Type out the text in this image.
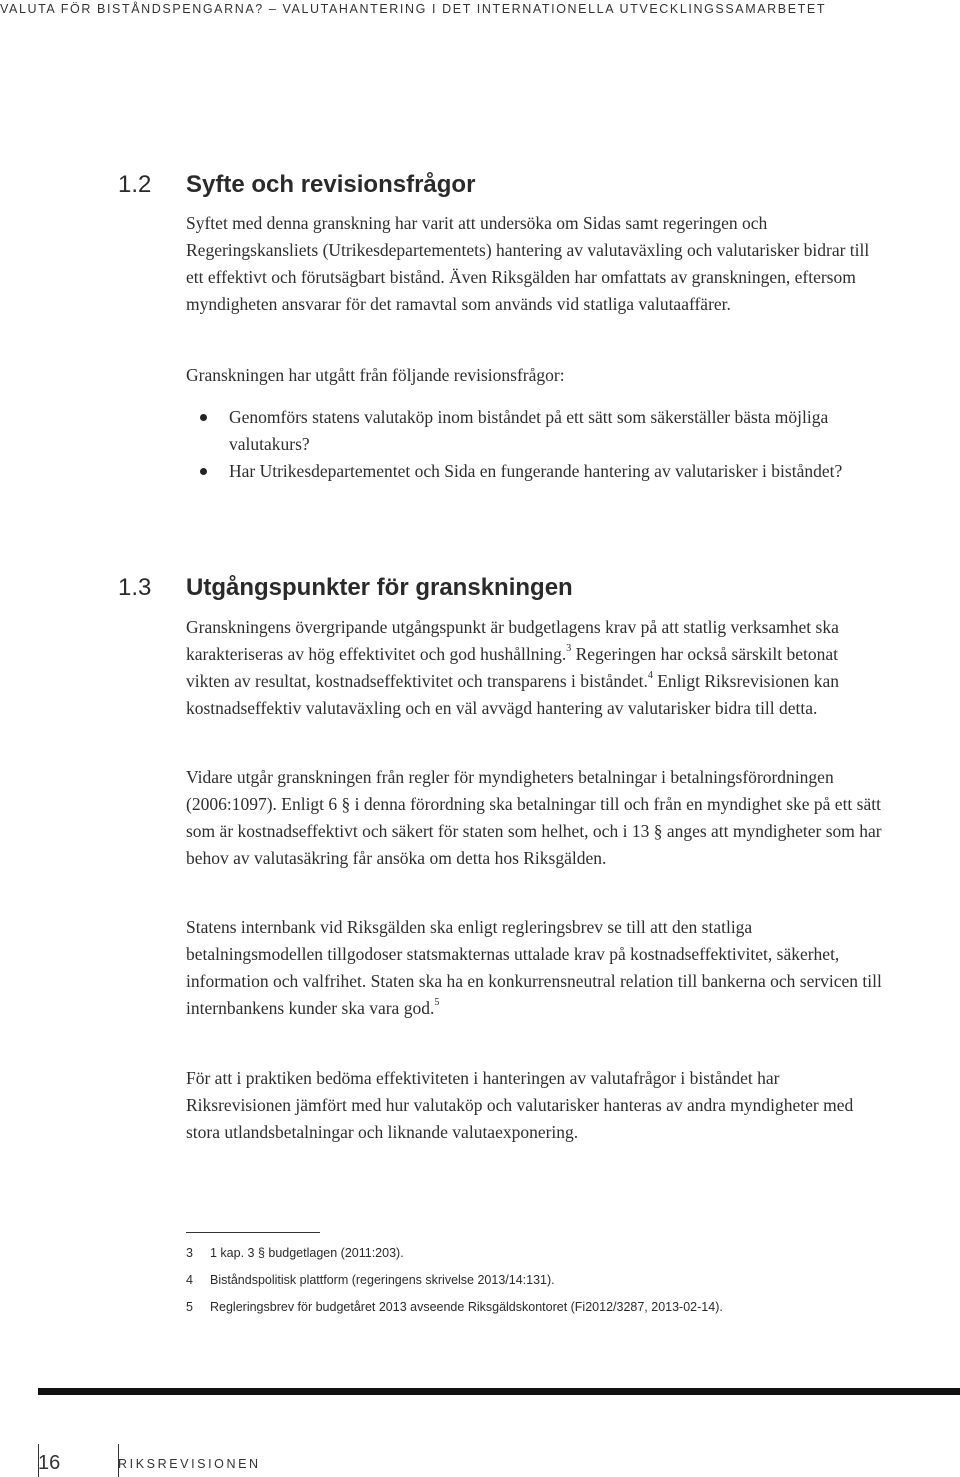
VALUTA FÖR BISTÅNDSPENGARNA? – VALUTAHANTERING I DET INTERNATIONELLA UTVECKLINGSSAMARBETET
1.2 Syfte och revisionsfrågor

Syftet med denna granskning har varit att undersöka om Sidas samt regeringen och Regeringskansliets (Utrikesdepartementets) hantering av valutaväxling och valutarisker bidrar till ett effektivt och förutsägbart bistånd. Även Riksgälden har omfattats av granskningen, eftersom myndigheten ansvarar för det ramavtal som används vid statliga valutaaffärer.

Granskningen har utgått från följande revisionsfrågor:

Genomförs statens valutaköp inom biståndet på ett sätt som säkerställer bästa möjliga valutakurs?
Har Utrikesdepartementet och Sida en fungerande hantering av valutarisker i biståndet?
1.3 Utgångspunkter för granskningen

Granskningens övergripande utgångspunkt är budgetlagens krav på att statlig verksamhet ska karakteriseras av hög effektivitet och god hushållning.$^3$ Regeringen har också särskilt betonat vikten av resultat, kostnadseffektivitet och transparens i biståndet.$^4$ Enligt Riksrevisionen kan kostnadseffektiv valutaväxling och en väl avvägd hantering av valutarisker bidra till detta.

Vidare utgår granskningen från regler för myndigheters betalningar i betalningsförordningen (2006:1097). Enligt 6 § i denna förordning ska betalningar till och från en myndighet ske på ett sätt som är kostnadseffektivt och säkert för staten som helhet, och i 13 § anges att myndigheter som har behov av valutasäkring får ansöka om detta hos Riksgälden.

Statens internbank vid Riksgälden ska enligt regleringsbrev se till att den statliga betalningsmodellen tillgodoser statsmakternas uttalade krav på kostnadseffektivitet, säkerhet, information och valfrihet. Staten ska ha en konkurrensneutral relation till bankerna och servicen till internbankens kunder ska vara god.$^5$

För att i praktiken bedöma effektiviteten i hanteringen av valutafrågor i biståndet har Riksrevisionen jämfört med hur valutaköp och valutarisker hanteras av andra myndigheter med stora utlandsbetalningar och liknande valutaexponering.

3 1 kap. 3 § budgetlagen (2011:203).
4 Biståndspolitisk plattform (regeringens skrivelse 2013/14:131).
5 Regleringsbrev för budgetåret 2013 avseende Riksgäldskontoret (Fi2012/3287, 2013-02-14).
16	RIKSREVISIONEN
